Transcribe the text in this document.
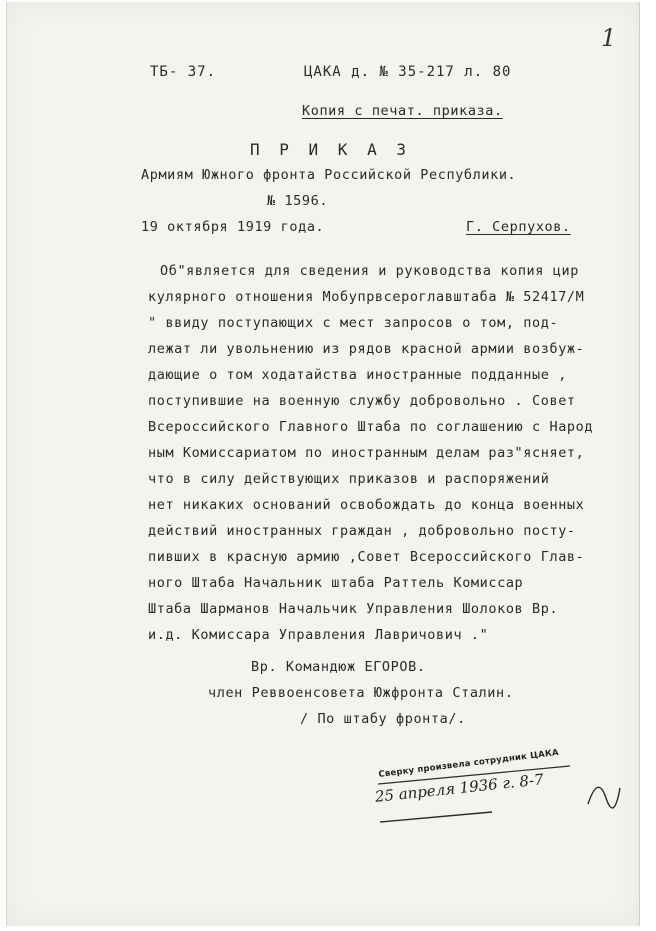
1
ТБ- 37.	ЦАКА д. № 35-217 л. 80
Копия с печат. приказа.
П Р И К А З
Армиям Южного фронта Российской Республики.
№ 1596.
19 октября 1919 года.	Г. Серпухов.
Об"является для сведения и руководства копия цир
кулярного отношения Мобупрвсероглавштаба № 52417/М
" ввиду поступающих с мест запросов о том, под-
лежат ли увольнению из рядов красной армии возбуж-
дающие о том ходатайства иностранные подданные ,
поступившие на военную службу добровольно . Совет
Всероссийского Главного Штаба по соглашению с Народ
ным Комиссариатом по иностранным делам раз"ясняет,
что в силу действующих приказов и распоряжений
нет никаких оснований освобождать до конца военных
действий иностранных граждан , добровольно посту-
пивших в красную армию ,Совет Всероссийского Глав-
ного Штаба Начальник штаба Раттель Комиссар
Штаба Шарманов Начальчик Управления Шолоков Вр.
и.д. Комиссара Управления Лавричович ."
Вр. Командюж ЕГОРОВ.
член Реввоенсовета Южфронта Сталин.
/ По штабу фронта/.
Сверку произвела сотрудник ЦАКА
25 апреля 1936 г. 8-7
